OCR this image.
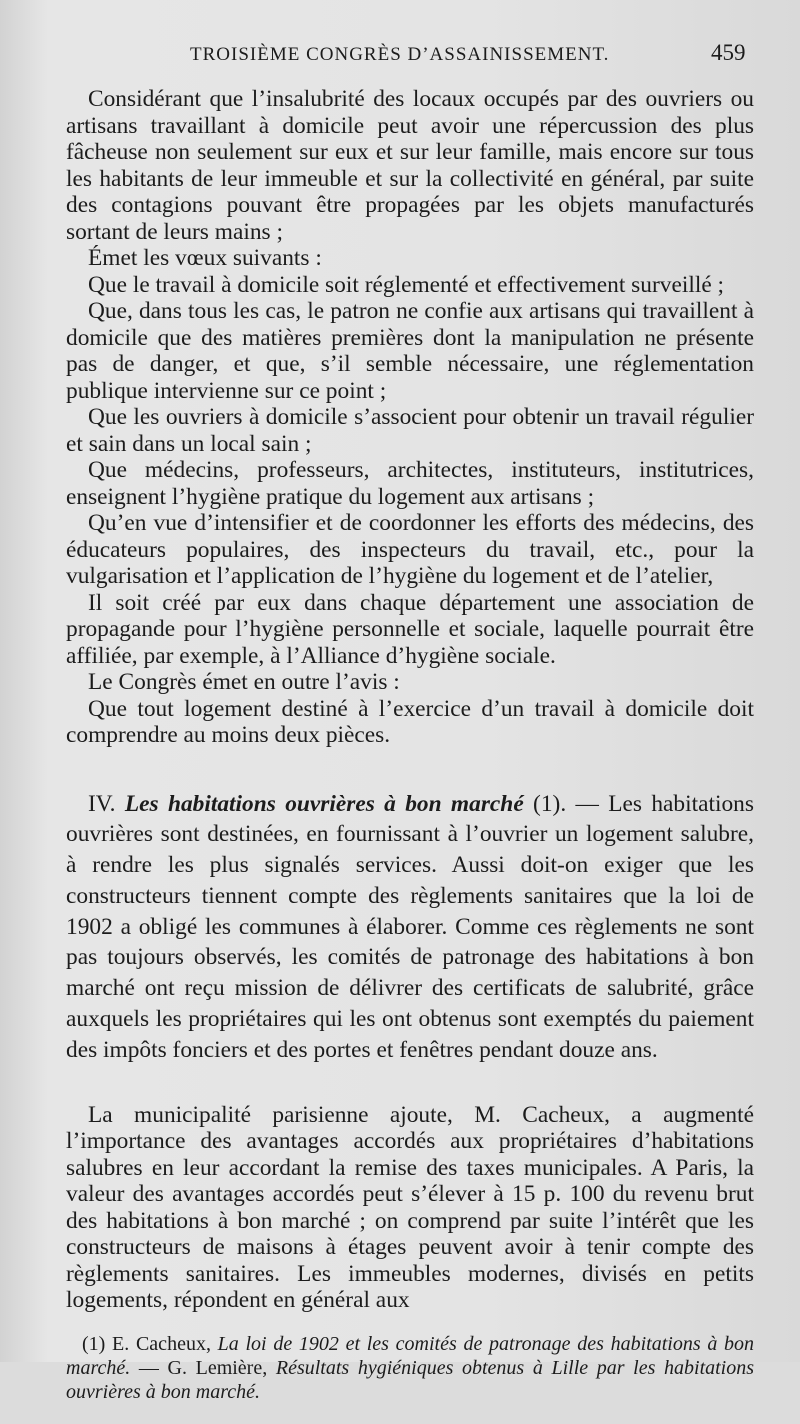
TROISIÈME CONGRÈS D’ASSAINISSEMENT.	459

Considérant que l’insalubrité des locaux occupés par des ouvriers ou artisans travaillant à domicile peut avoir une répercussion des plus fâcheuse non seulement sur eux et sur leur famille, mais encore sur tous les habitants de leur immeuble et sur la collectivité en général, par suite des contagions pouvant être propagées par les objets manufacturés sortant de leurs mains ;

Émet les vœux suivants :

Que le travail à domicile soit réglementé et effectivement surveillé ;

Que, dans tous les cas, le patron ne confie aux artisans qui travaillent à domicile que des matières premières dont la manipulation ne présente pas de danger, et que, s’il semble nécessaire, une réglementation publique intervienne sur ce point ;

Que les ouvriers à domicile s’associent pour obtenir un travail régulier et sain dans un local sain ;

Que médecins, professeurs, architectes, instituteurs, institutrices, enseignent l’hygiène pratique du logement aux artisans ;

Qu’en vue d’intensifier et de coordonner les efforts des médecins, des éducateurs populaires, des inspecteurs du travail, etc., pour la vulgarisation et l’application de l’hygiène du logement et de l’atelier,

Il soit créé par eux dans chaque département une association de propagande pour l’hygiène personnelle et sociale, laquelle pourrait être affiliée, par exemple, à l’Alliance d’hygiène sociale.

Le Congrès émet en outre l’avis :

Que tout logement destiné à l’exercice d’un travail à domicile doit comprendre au moins deux pièces.

IV. Les habitations ouvrières à bon marché (1). — Les habitations ouvrières sont destinées, en fournissant à l’ouvrier un logement salubre, à rendre les plus signalés services. Aussi doit-on exiger que les constructeurs tiennent compte des règlements sanitaires que la loi de 1902 a obligé les communes à élaborer. Comme ces règlements ne sont pas toujours observés, les comités de patronage des habitations à bon marché ont reçu mission de délivrer des certificats de salubrité, grâce auxquels les propriétaires qui les ont obtenus sont exemptés du paiement des impôts fonciers et des portes et fenêtres pendant douze ans.

La municipalité parisienne ajoute, M. Cacheux, a augmenté l’importance des avantages accordés aux propriétaires d’habitations salubres en leur accordant la remise des taxes municipales. A Paris, la valeur des avantages accordés peut s’élever à 15 p. 100 du revenu brut des habitations à bon marché ; on comprend par suite l’intérêt que les constructeurs de maisons à étages peuvent avoir à tenir compte des règlements sanitaires. Les immeubles modernes, divisés en petits logements, répondent en général aux

(1) E. Cacheux, La loi de 1902 et les comités de patronage des habitations à bon marché. — G. Lemière, Résultats hygiéniques obtenus à Lille par les habitations ouvrières à bon marché.
